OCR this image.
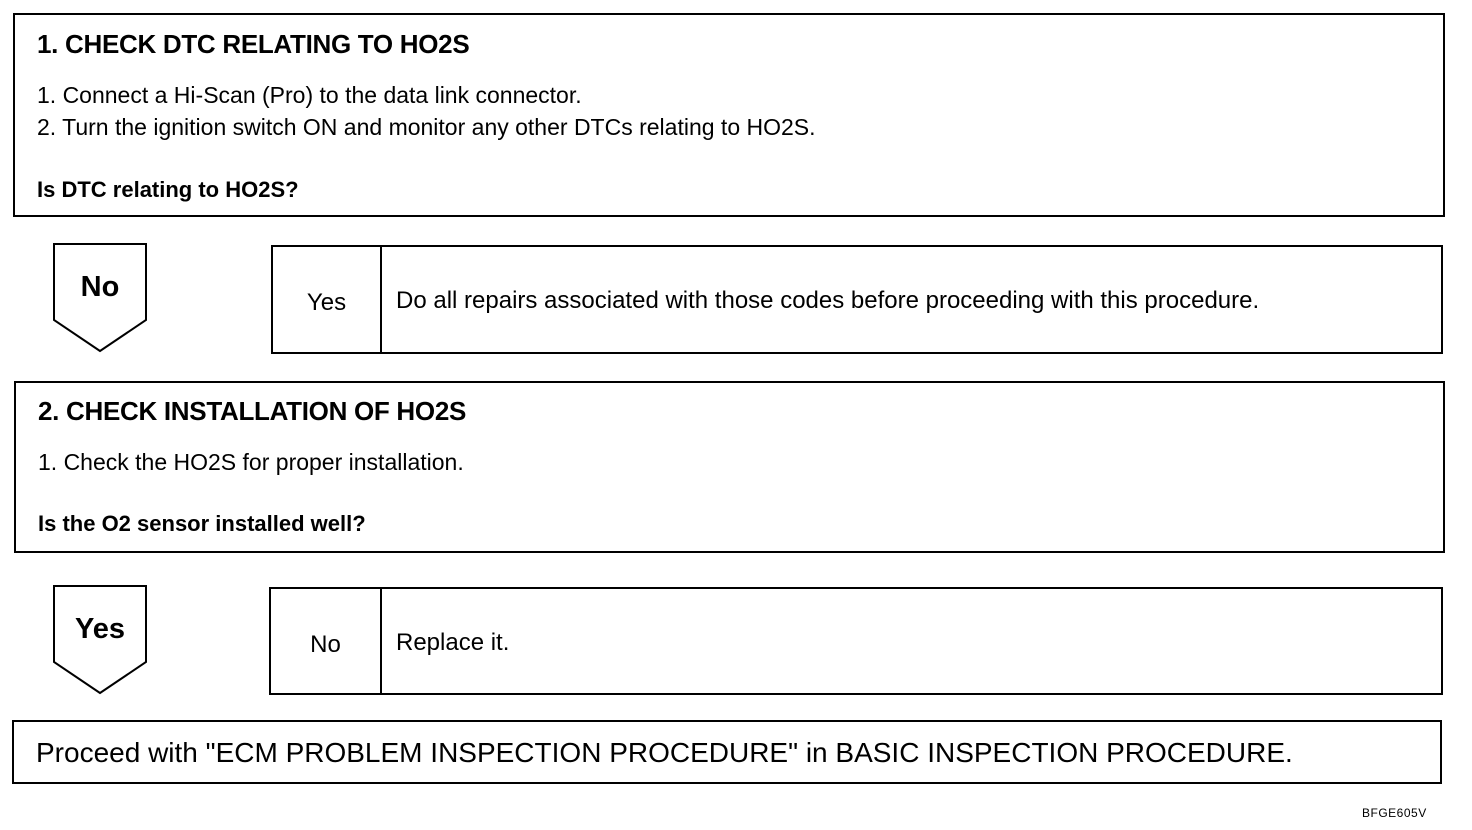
1. CHECK DTC RELATING TO HO2S
1. Connect a Hi-Scan (Pro) to the data link connector.
2. Turn the ignition switch ON and monitor any other DTCs relating to HO2S.
Is DTC relating to HO2S?
No	Yes	Do all repairs associated with those codes before proceeding with this procedure.
2. CHECK INSTALLATION OF HO2S
1. Check the HO2S for proper installation.
Is the O2 sensor installed well?
Yes	No	Replace it.
Proceed with "ECM PROBLEM INSPECTION PROCEDURE" in BASIC INSPECTION PROCEDURE.
BFGE605V
